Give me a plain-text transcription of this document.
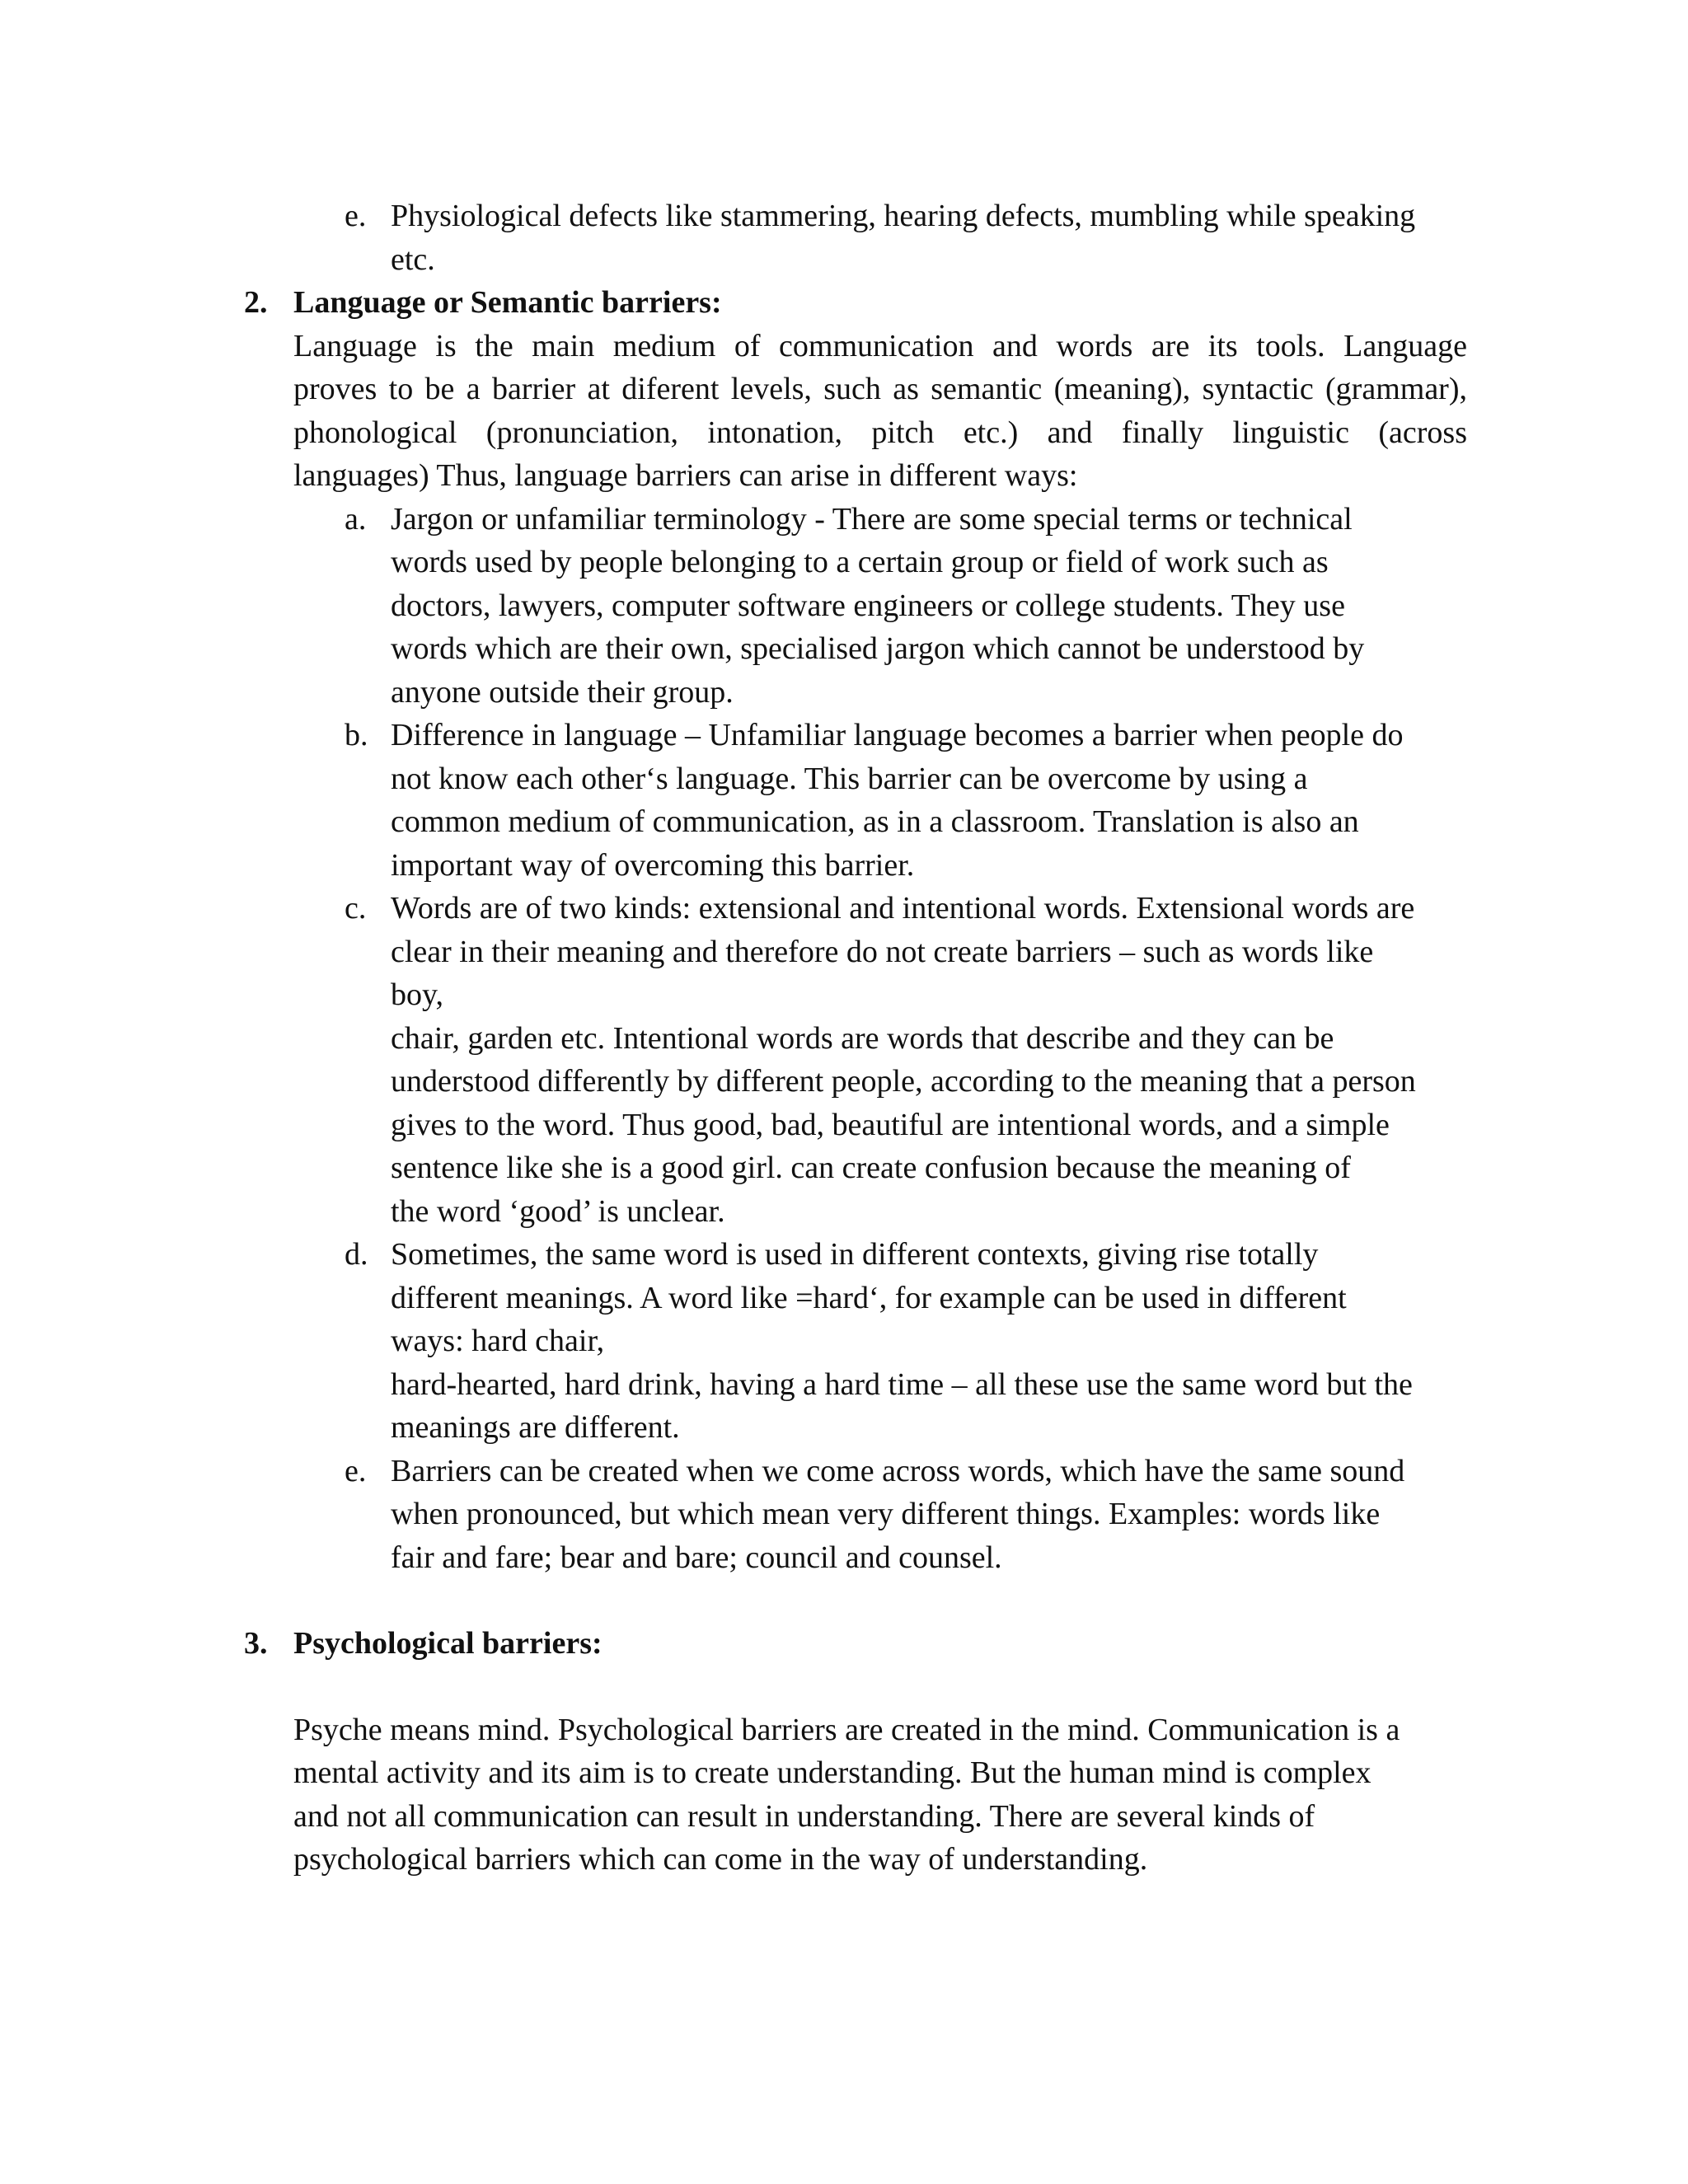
e. Physiological defects like stammering, hearing defects, mumbling while speaking
etc.
2. Language or Semantic barriers:
Language is the main medium of communication and words are its tools. Language
proves to be a barrier at diferent levels, such as semantic (meaning), syntactic (grammar),
phonological (pronunciation, intonation, pitch etc.) and finally linguistic (across
languages) Thus, language barriers can arise in different ways:
a. Jargon or unfamiliar terminology - There are some special terms or technical
words used by people belonging to a certain group or field of work such as
doctors, lawyers, computer software engineers or college students. They use
words which are their own, specialised jargon which cannot be understood by
anyone outside their group.
b. Difference in language – Unfamiliar language becomes a barrier when people do
not know each other‘s language. This barrier can be overcome by using a
common medium of communication, as in a classroom. Translation is also an
important way of overcoming this barrier.
c. Words are of two kinds: extensional and intentional words. Extensional words are
clear in their meaning and therefore do not create barriers – such as words like
boy,
chair, garden etc. Intentional words are words that describe and they can be
understood differently by different people, according to the meaning that a person
gives to the word. Thus good, bad, beautiful are intentional words, and a simple
sentence like she is a good girl. can create confusion because the meaning of
the word ‘good’ is unclear.
d. Sometimes, the same word is used in different contexts, giving rise totally
different meanings. A word like =hard‘, for example can be used in different
ways: hard chair,
hard-hearted, hard drink, having a hard time – all these use the same word but the
meanings are different.
e. Barriers can be created when we come across words, which have the same sound
when pronounced, but which mean very different things. Examples: words like
fair and fare; bear and bare; council and counsel.
3. Psychological barriers:
Psyche means mind. Psychological barriers are created in the mind. Communication is a
mental activity and its aim is to create understanding. But the human mind is complex
and not all communication can result in understanding. There are several kinds of
psychological barriers which can come in the way of understanding.
